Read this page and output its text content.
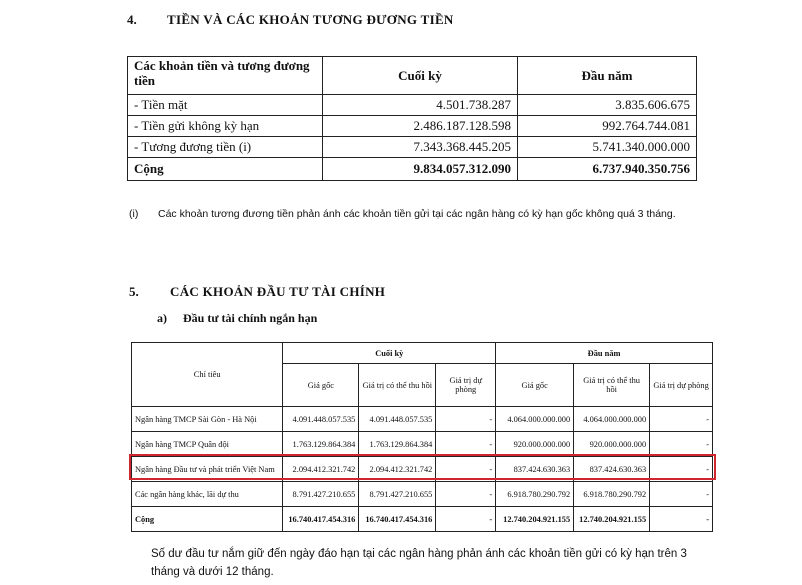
4. TIỀN VÀ CÁC KHOẢN TƯƠNG ĐƯƠNG TIỀN
Các khoản tiền và tương đương tiền	Cuối kỳ	Đầu năm
- Tiền mặt	4.501.738.287	3.835.606.675
- Tiền gửi không kỳ hạn	2.486.187.128.598	992.764.744.081
- Tương đương tiền (i)	7.343.368.445.205	5.741.340.000.000
Cộng	9.834.057.312.090	6.737.940.350.756
(i) Các khoản tương đương tiền phản ánh các khoản tiền gửi tại các ngân hàng có kỳ hạn gốc không quá 3 tháng.
5. CÁC KHOẢN ĐẦU TƯ TÀI CHÍNH
a) Đầu tư tài chính ngắn hạn
Chỉ tiêu	Cuối kỳ			Đầu năm		
	Giá gốc	Giá trị có thể thu hồi	Giá trị dự phòng	Giá gốc	Giá trị có thể thu hồi	Giá trị dự phòng
Ngân hàng TMCP Sài Gòn - Hà Nội	4.091.448.057.535	4.091.448.057.535	-	4.064.000.000.000	4.064.000.000.000	-
Ngân hàng TMCP Quân đội	1.763.129.864.384	1.763.129.864.384	-	920.000.000.000	920.000.000.000	-
Ngân hàng Đầu tư và phát triển Việt Nam	2.094.412.321.742	2.094.412.321.742	-	837.424.630.363	837.424.630.363	-
Các ngân hàng khác, lãi dự thu	8.791.427.210.655	8.791.427.210.655	-	6.918.780.290.792	6.918.780.290.792	-
Cộng	16.740.417.454.316	16.740.417.454.316	-	12.740.204.921.155	12.740.204.921.155	-
Số dư đầu tư nắm giữ đến ngày đáo hạn tại các ngân hàng phản ánh các khoản tiền gửi có kỳ hạn trên 3 tháng và dưới 12 tháng.
